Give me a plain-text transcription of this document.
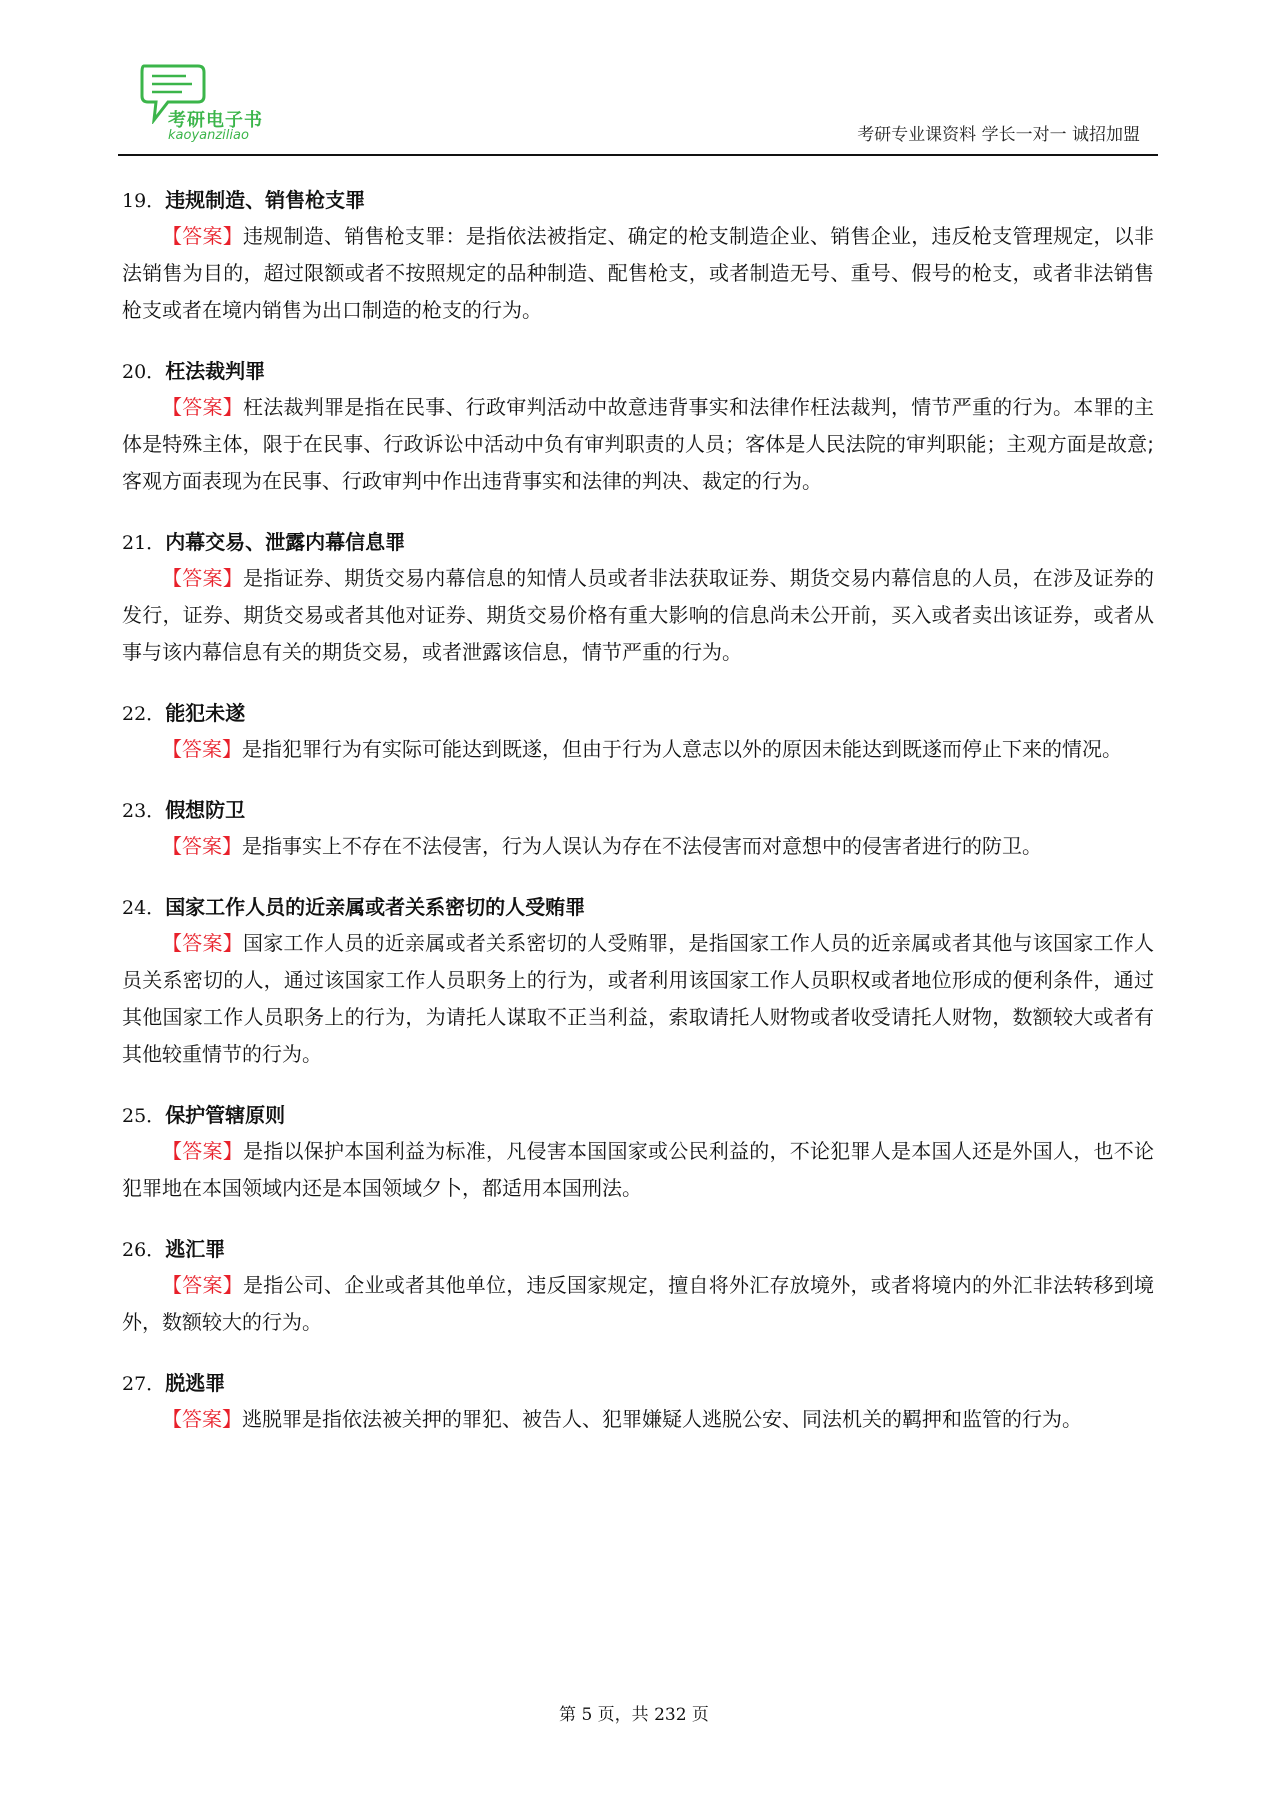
考研电子书
kaoyanziliao	考研专业课资料 学长一对一 诚招加盟
19．违规制造、销售枪支罪

【答案】违规制造、销售枪支罪：是指依法被指定、确定的枪支制造企业、销售企业，违反枪支管理规定，以非法销售为目的，超过限额或者不按照规定的品种制造、配售枪支，或者制造无号、重号、假号的枪支，或者非法销售枪支或者在境内销售为出口制造的枪支的行为。

20．枉法裁判罪

【答案】枉法裁判罪是指在民事、行政审判活动中故意违背事实和法律作枉法裁判，情节严重的行为。本罪的主体是特殊主体，限于在民事、行政诉讼中活动中负有审判职责的人员；客体是人民法院的审判职能；主观方面是故意;客观方面表现为在民事、行政审判中作出违背事实和法律的判决、裁定的行为。

21．内幕交易、泄露内幕信息罪

【答案】是指证券、期货交易内幕信息的知情人员或者非法获取证券、期货交易内幕信息的人员，在涉及证券的发行，证券、期货交易或者其他对证券、期货交易价格有重大影响的信息尚未公开前，买入或者卖出该证券，或者从事与该内幕信息有关的期货交易，或者泄露该信息，情节严重的行为。

22．能犯未遂

【答案】是指犯罪行为有实际可能达到既遂，但由于行为人意志以外的原因未能达到既遂而停止下来的情况。

23．假想防卫

【答案】是指事实上不存在不法侵害，行为人误认为存在不法侵害而对意想中的侵害者进行的防卫。

24．国家工作人员的近亲属或者关系密切的人受贿罪

【答案】国家工作人员的近亲属或者关系密切的人受贿罪，是指国家工作人员的近亲属或者其他与该国家工作人员关系密切的人，通过该国家工作人员职务上的行为，或者利用该国家工作人员职权或者地位形成的便利条件，通过其他国家工作人员职务上的行为，为请托人谋取不正当利益，索取请托人财物或者收受请托人财物，数额较大或者有其他较重情节的行为。

25．保护管辖原则

【答案】是指以保护本国利益为标准，凡侵害本国国家或公民利益的，不论犯罪人是本国人还是外国人，也不论犯罪地在本国领域内还是本国领域夕卜，都适用本国刑法。

26．逃汇罪

【答案】是指公司、企业或者其他单位，违反国家规定，擅自将外汇存放境外，或者将境内的外汇非法转移到境外，数额较大的行为。

27．脱逃罪

【答案】逃脱罪是指依法被关押的罪犯、被告人、犯罪嫌疑人逃脱公安、同法机关的羁押和监管的行为。

第 5 页，共 232 页
